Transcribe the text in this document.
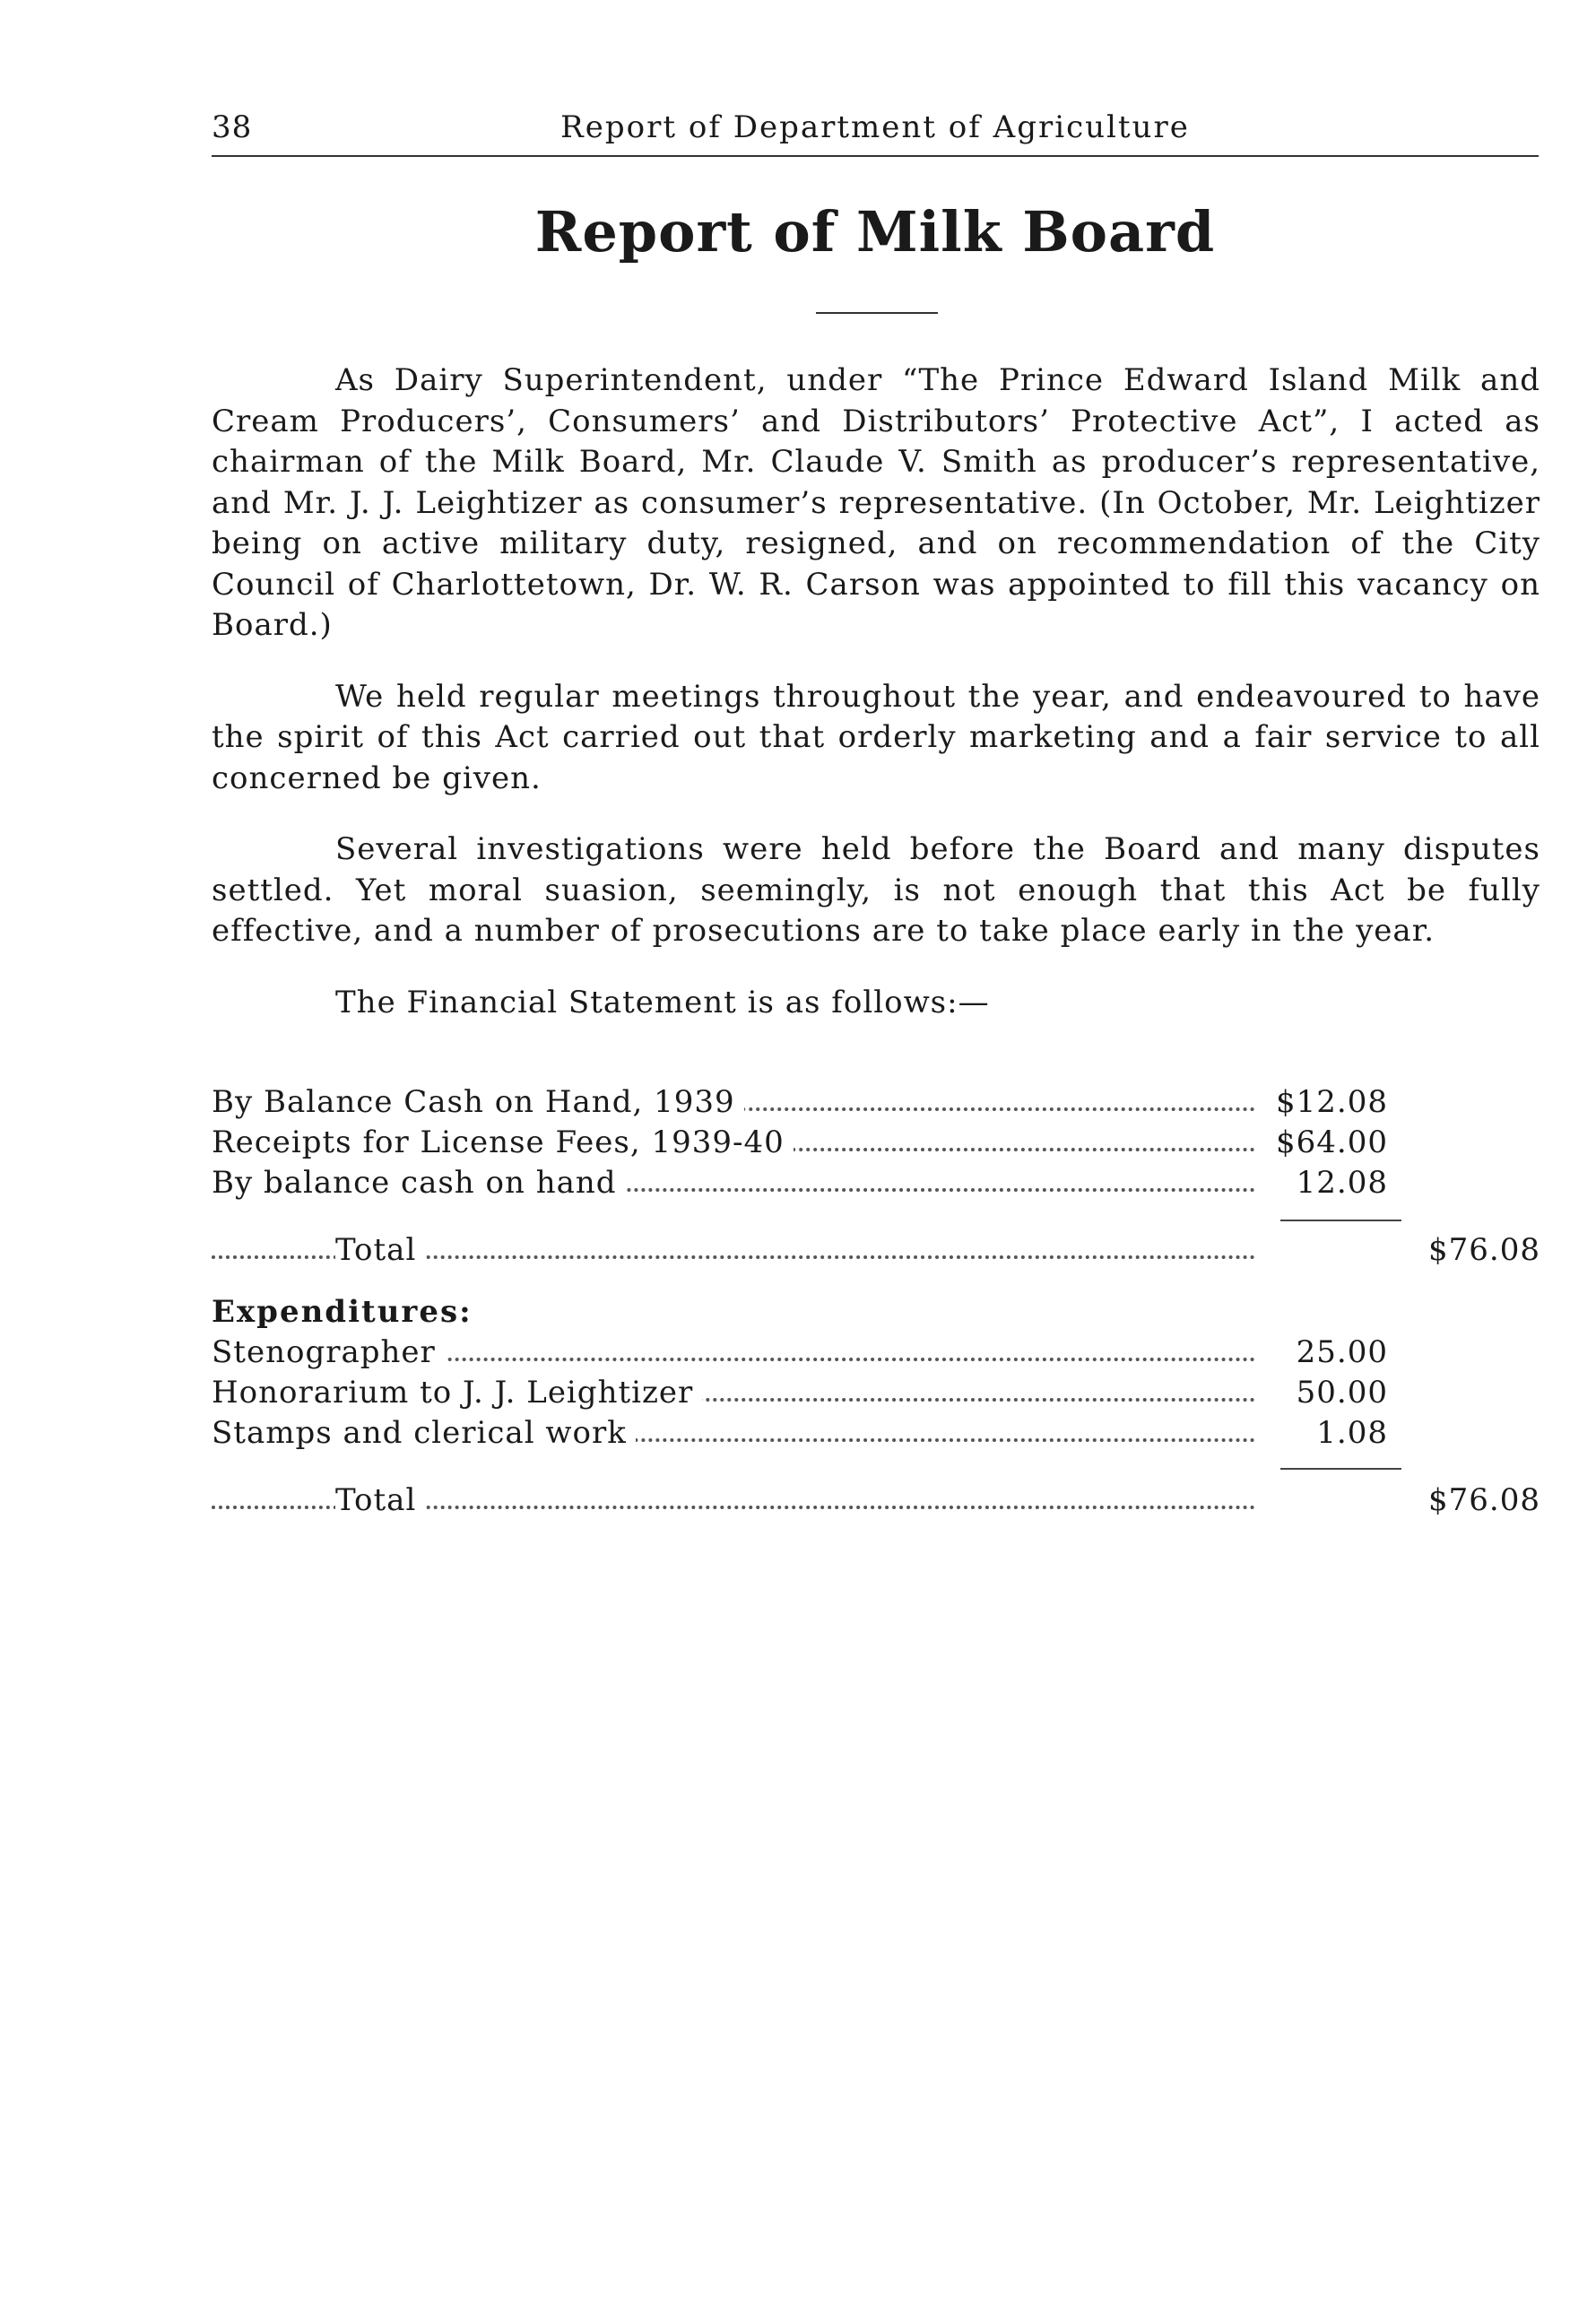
38	Report of Department of Agriculture
Report of Milk Board

As Dairy Superintendent, under “The Prince Edward Island Milk and Cream Producers’, Consumers’ and Distributors’ Protective Act”, I acted as chairman of the Milk Board, Mr. Claude V. Smith as producer’s representative, and Mr. J. J. Leightizer as consumer’s representative. (In October, Mr. Leightizer being on active military duty, resigned, and on recommendation of the City Council of Charlottetown, Dr. W. R. Carson was appointed to fill this vacancy on Board.)

We held regular meetings throughout the year, and endeavoured to have the spirit of this Act carried out that orderly marketing and a fair service to all concerned be given.

Several investigations were held before the Board and many disputes settled. Yet moral suasion, seemingly, is not enough that this Act be fully effective, and a number of prosecutions are to take place early in the year.

The Financial Statement is as follows:—

By Balance Cash on Hand, 1939	$12.08
Receipts for License Fees, 1939-40	$64.00
By balance cash on hand	12.08
Total	$76.08
Expenditures:
Stenographer	25.00
Honorarium to J. J. Leightizer	50.00
Stamps and clerical work	1.08
Total	$76.08
